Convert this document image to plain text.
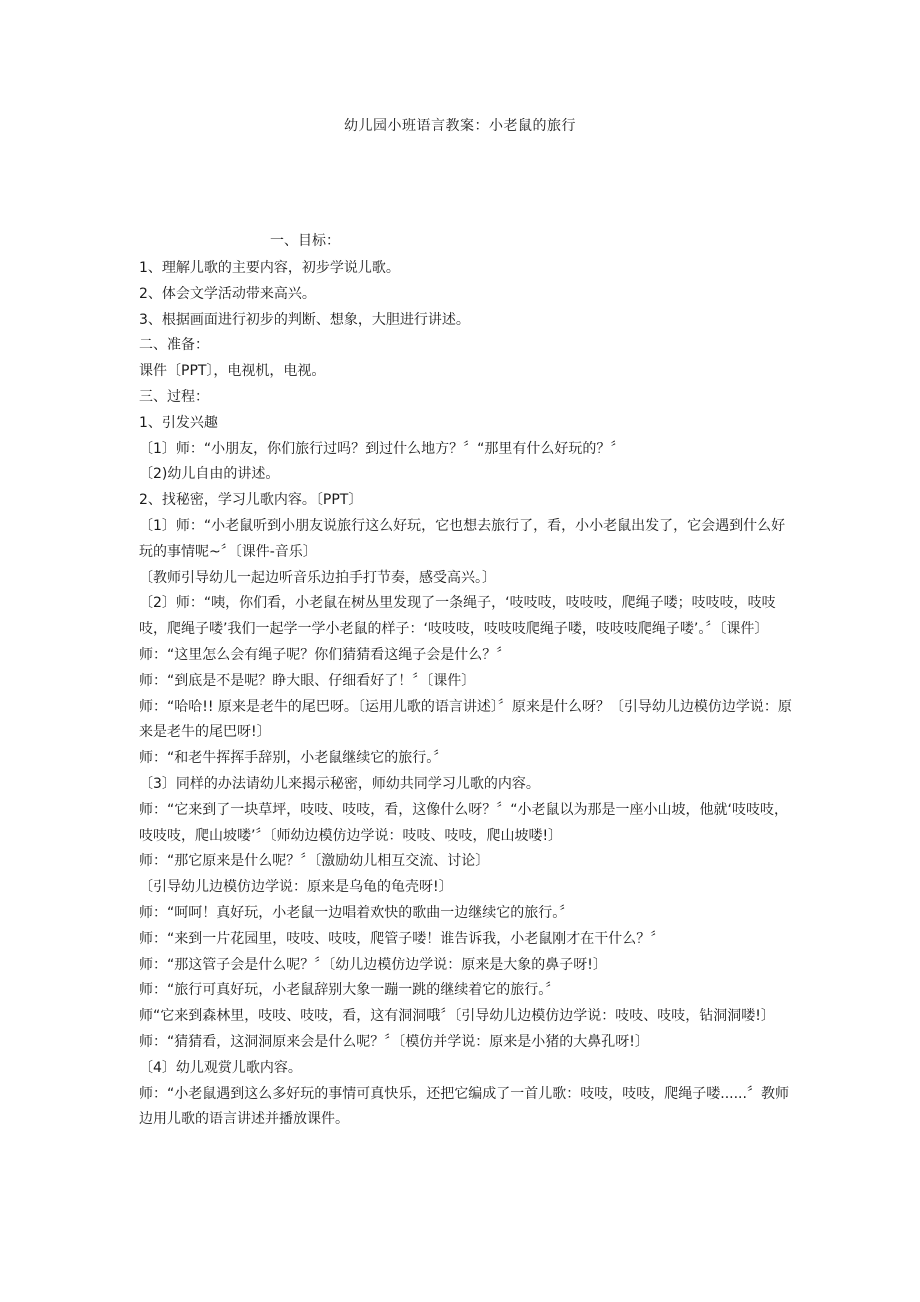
幼儿园小班语言教案：小老鼠的旅行
一、目标：

1、理解儿歌的主要内容，初步学说儿歌。

2、体会文学活动带来高兴。

3、根据画面进行初步的判断、想象，大胆进行讲述。

二、准备：

课件〔PPT〕，电视机，电视。

三、过程：

1、引发兴趣

〔1〕师：“小朋友，你们旅行过吗？到过什么地方？〞“那里有什么好玩的？〞

〔2)幼儿自由的讲述。

2、找秘密，学习儿歌内容。〔PPT〕

〔1〕师：“小老鼠听到小朋友说旅行这么好玩，它也想去旅行了，看，小小老鼠出发了，它会遇到什么好玩的事情呢~〞〔课件-音乐〕

〔教师引导幼儿一起边听音乐边拍手打节奏，感受高兴。〕

〔2〕师：“咦，你们看，小老鼠在树丛里发现了一条绳子，‘吱吱吱，吱吱吱，爬绳子喽；吱吱吱，吱吱吱，爬绳子喽’我们一起学一学小老鼠的样子：‘吱吱吱，吱吱吱爬绳子喽，吱吱吱爬绳子喽’。〞〔课件〕

师：“这里怎么会有绳子呢？你们猜猜看这绳子会是什么？〞

师：“到底是不是呢？睁大眼、仔细看好了！〞〔课件〕

师：“哈哈!! 原来是老牛的尾巴呀。〔运用儿歌的语言讲述〕〞原来是什么呀？〔引导幼儿边模仿边学说：原来是老牛的尾巴呀!〕

师：“和老牛挥挥手辞别，小老鼠继续它的旅行。〞

〔3〕同样的办法请幼儿来揭示秘密，师幼共同学习儿歌的内容。

师：“它来到了一块草坪，吱吱、吱吱，看，这像什么呀？〞“小老鼠以为那是一座小山坡，他就‘吱吱吱，吱吱吱，爬山坡喽’〞〔师幼边模仿边学说：吱吱、吱吱，爬山坡喽!〕

师：“那它原来是什么呢？〞〔激励幼儿相互交流、讨论〕

〔引导幼儿边模仿边学说：原来是乌龟的龟壳呀!〕

师：“呵呵！真好玩，小老鼠一边唱着欢快的歌曲一边继续它的旅行。〞

师：“来到一片花园里，吱吱、吱吱，爬管子喽！谁告诉我，小老鼠刚才在干什么？〞

师：“那这管子会是什么呢？〞〔幼儿边模仿边学说：原来是大象的鼻子呀!〕

师：“旅行可真好玩，小老鼠辞别大象一蹦一跳的继续着它的旅行。〞

师“它来到森林里，吱吱、吱吱，看，这有洞洞哦〞〔引导幼儿边模仿边学说：吱吱、吱吱，钻洞洞喽!〕

师：“猜猜看，这洞洞原来会是什么呢？〞〔模仿并学说：原来是小猪的大鼻孔呀!〕

〔4〕幼儿观赏儿歌内容。

师：“小老鼠遇到这么多好玩的事情可真快乐，还把它编成了一首儿歌：吱吱，吱吱，爬绳子喽......〞教师边用儿歌的语言讲述并播放课件。
